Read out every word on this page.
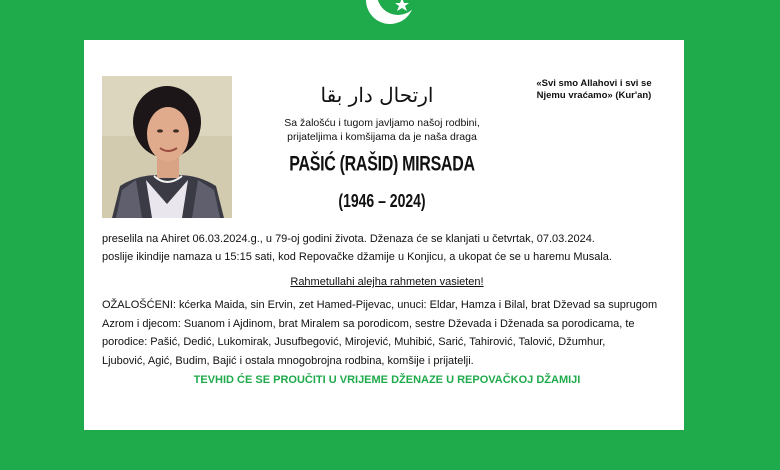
ارتحال دار بقا	«Svi smo Allahovi i svi se
Njemu vraćamo» (Kur'an)
Sa žalošću i tugom javljamo našoj rodbini,
prijateljima i komšijama da je naša draga
PAŠIĆ (RAŠID) MIRSADA
(1946 – 2024)
preselila na Ahiret 06.03.2024.g., u 79-oj godini života. Dženaza će se klanjati u četvrtak, 07.03.2024.
poslije ikindije namaza u 15:15 sati, kod Repovačke džamije u Konjicu, a ukopat će se u haremu Musala.
Rahmetullahi alejha rahmeten vasieten!
OŽALOŠĆENI: kćerka Maida, sin Ervin, zet Hamed-Pijevac, unuci: Eldar, Hamza i Bilal, brat Dževad sa suprugom
Azrom i djecom: Suanom i Ajdinom, brat Miralem sa porodicom, sestre Dževada i Dženada sa porodicama, te
porodice: Pašić, Dedić, Lukomirak, Jusufbegović, Mirojević, Muhibić, Sarić, Tahirović, Talović, Džumhur,
Ljubović, Agić, Budim, Bajić i ostala mnogobrojna rodbina, komšije i prijatelji.
TEVHID ĆE SE PROUČITI U VRIJEME DŽENAZE U REPOVAČKOJ DŽAMIJI
